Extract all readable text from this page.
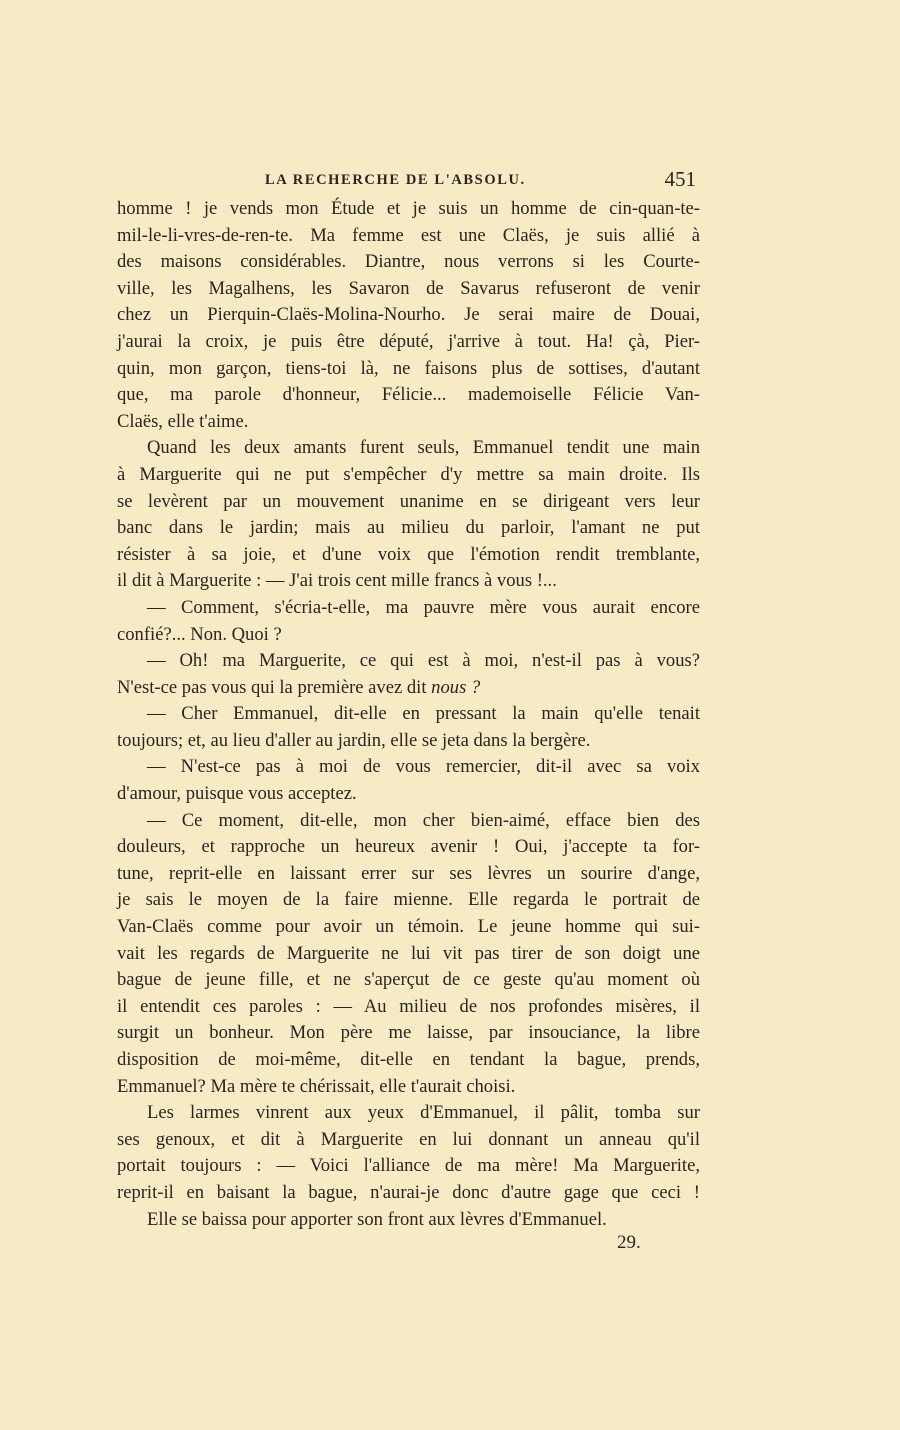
LA RECHERCHE DE L'ABSOLU.	451
homme ! je vends mon Étude et je suis un homme de cin-quan-te-
mil-le-li-vres-de-ren-te. Ma femme est une Claës, je suis allié à
des maisons considérables. Diantre, nous verrons si les Courte-
ville, les Magalhens, les Savaron de Savarus refuseront de venir
chez un Pierquin-Claës-Molina-Nourho. Je serai maire de Douai,
j'aurai la croix, je puis être député, j'arrive à tout. Ha! çà, Pier-
quin, mon garçon, tiens-toi là, ne faisons plus de sottises, d'autant
que, ma parole d'honneur, Félicie... mademoiselle Félicie Van-
Claës, elle t'aime.
Quand les deux amants furent seuls, Emmanuel tendit une main
à Marguerite qui ne put s'empêcher d'y mettre sa main droite. Ils
se levèrent par un mouvement unanime en se dirigeant vers leur
banc dans le jardin; mais au milieu du parloir, l'amant ne put
résister à sa joie, et d'une voix que l'émotion rendit tremblante,
il dit à Marguerite : — J'ai trois cent mille francs à vous !...
— Comment, s'écria-t-elle, ma pauvre mère vous aurait encore
confié?... Non. Quoi ?
— Oh! ma Marguerite, ce qui est à moi, n'est-il pas à vous?
N'est-ce pas vous qui la première avez dit nous ?
— Cher Emmanuel, dit-elle en pressant la main qu'elle tenait
toujours; et, au lieu d'aller au jardin, elle se jeta dans la bergère.
— N'est-ce pas à moi de vous remercier, dit-il avec sa voix
d'amour, puisque vous acceptez.
— Ce moment, dit-elle, mon cher bien-aimé, efface bien des
douleurs, et rapproche un heureux avenir ! Oui, j'accepte ta for-
tune, reprit-elle en laissant errer sur ses lèvres un sourire d'ange,
je sais le moyen de la faire mienne. Elle regarda le portrait de
Van-Claës comme pour avoir un témoin. Le jeune homme qui sui-
vait les regards de Marguerite ne lui vit pas tirer de son doigt une
bague de jeune fille, et ne s'aperçut de ce geste qu'au moment où
il entendit ces paroles : — Au milieu de nos profondes misères, il
surgit un bonheur. Mon père me laisse, par insouciance, la libre
disposition de moi-même, dit-elle en tendant la bague, prends,
Emmanuel? Ma mère te chérissait, elle t'aurait choisi.
Les larmes vinrent aux yeux d'Emmanuel, il pâlit, tomba sur
ses genoux, et dit à Marguerite en lui donnant un anneau qu'il
portait toujours : — Voici l'alliance de ma mère! Ma Marguerite,
reprit-il en baisant la bague, n'aurai-je donc d'autre gage que ceci !
Elle se baissa pour apporter son front aux lèvres d'Emmanuel.
29.
